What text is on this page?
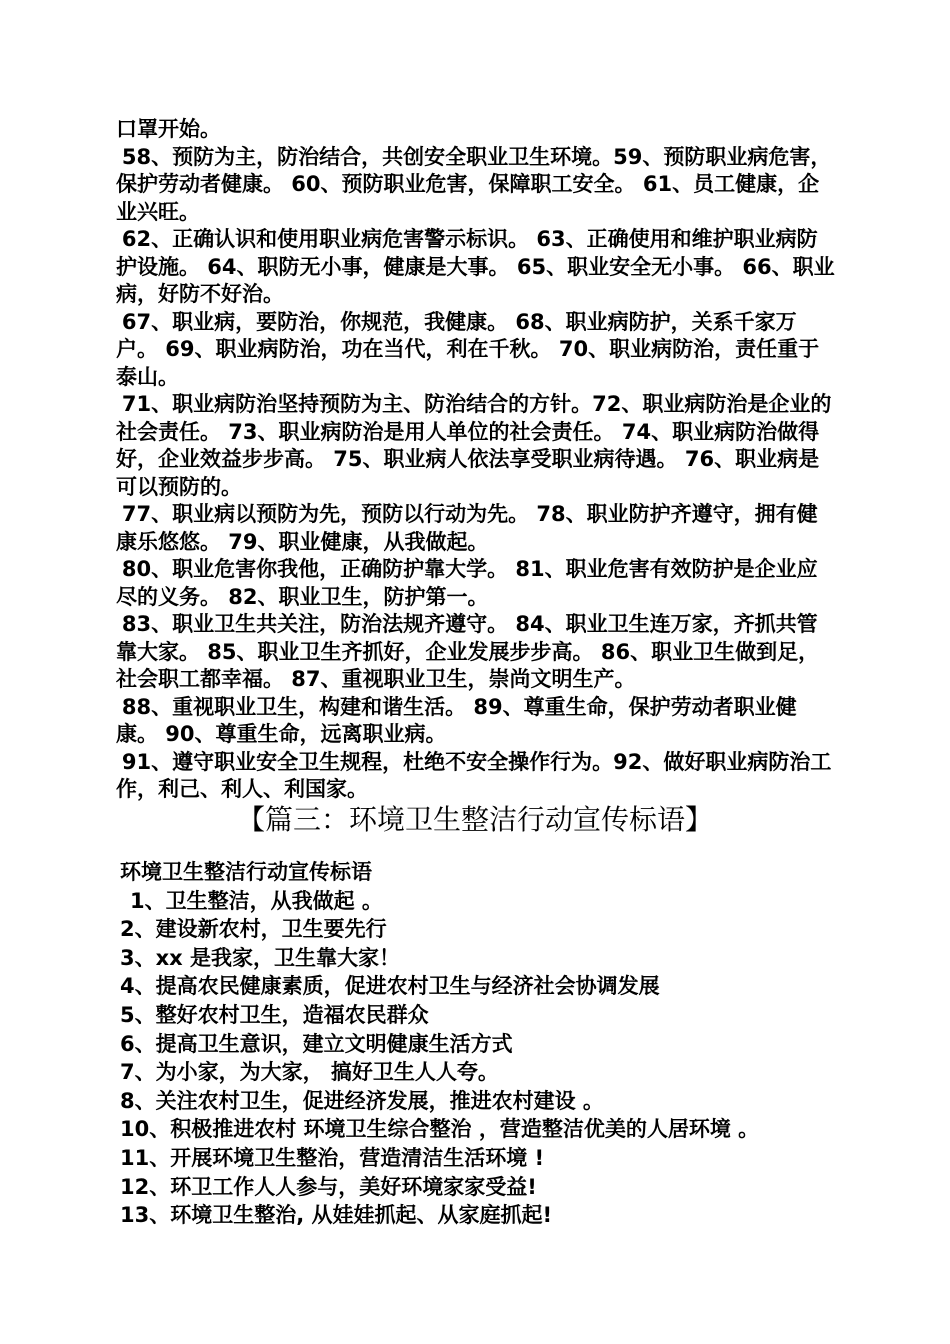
口罩开始。

58、预防为主，防治结合，共创安全职业卫生环境。59、预防职业病危害，保护劳动者健康。 60、预防职业危害，保障职工安全。 61、员工健康，企业兴旺。

62、正确认识和使用职业病危害警示标识。 63、正确使用和维护职业病防护设施。 64、职防无小事，健康是大事。 65、职业安全无小事。 66、职业病，好防不好治。

67、职业病，要防治，你规范，我健康。 68、职业病防护，关系千家万户。 69、职业病防治，功在当代，利在千秋。 70、职业病防治，责任重于泰山。

71、职业病防治坚持预防为主、防治结合的方针。72、职业病防治是企业的社会责任。 73、职业病防治是用人单位的社会责任。 74、职业病防治做得好，企业效益步步高。 75、职业病人依法享受职业病待遇。 76、职业病是可以预防的。

77、职业病以预防为先，预防以行动为先。 78、职业防护齐遵守，拥有健康乐悠悠。 79、职业健康，从我做起。

80、职业危害你我他，正确防护靠大学。 81、职业危害有效防护是企业应尽的义务。 82、职业卫生，防护第一。

83、职业卫生共关注，防治法规齐遵守。 84、职业卫生连万家，齐抓共管靠大家。 85、职业卫生齐抓好，企业发展步步高。 86、职业卫生做到足，社会职工都幸福。 87、重视职业卫生，崇尚文明生产。

88、重视职业卫生，构建和谐生活。 89、尊重生命，保护劳动者职业健康。 90、尊重生命，远离职业病。

91、遵守职业安全卫生规程，杜绝不安全操作行为。92、做好职业病防治工作，利己、利人、利国家。

【篇三：环境卫生整洁行动宣传标语】
环境卫生整洁行动宣传标语
1、卫生整洁，从我做起 。
2、建设新农村，卫生要先行
3、xx 是我家，卫生靠大家！
4、提高农民健康素质，促进农村卫生与经济社会协调发展
5、整好农村卫生，造福农民群众
6、提高卫生意识，建立文明健康生活方式
7、为小家，为大家， 搞好卫生人人夸。
8、关注农村卫生，促进经济发展，推进农村建设 。
10、积极推进农村 环境卫生综合整治 ，营造整洁优美的人居环境 。
11、开展环境卫生整治，营造清洁生活环境 !
12、环卫工作人人参与，美好环境家家受益!
13、环境卫生整治, 从娃娃抓起、从家庭抓起!
